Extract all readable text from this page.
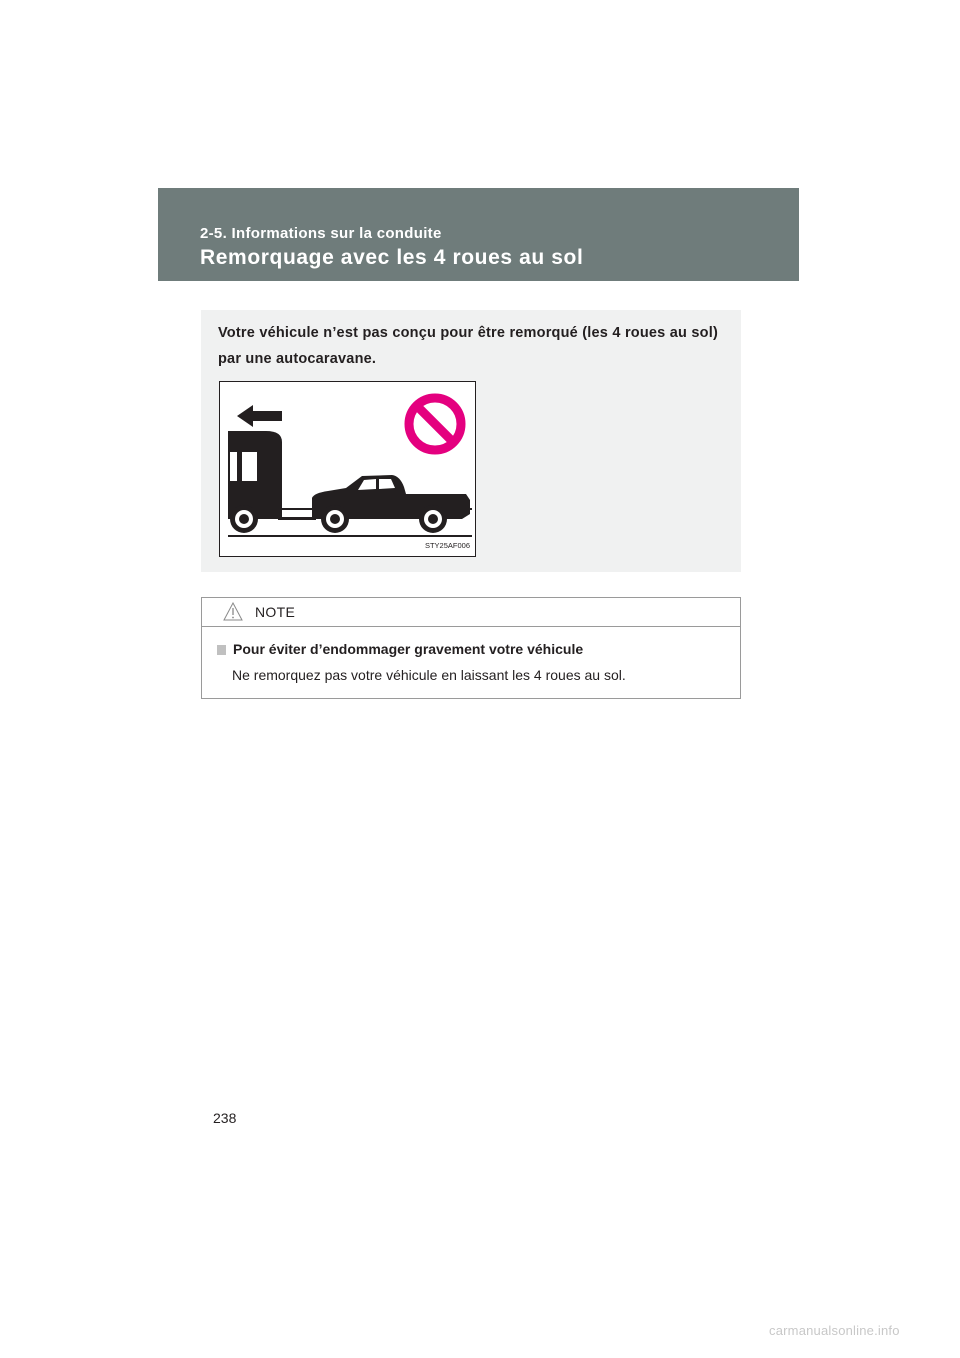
2-5. Informations sur la conduite
Remorquage avec les 4 roues au sol
Votre véhicule n’est pas conçu pour être remorqué (les 4 roues au sol) par une autocaravane.
STY25AF006
NOTE
Pour éviter d’endommager gravement votre véhicule
Ne remorquez pas votre véhicule en laissant les 4 roues au sol.
238
carmanualsonline.info
